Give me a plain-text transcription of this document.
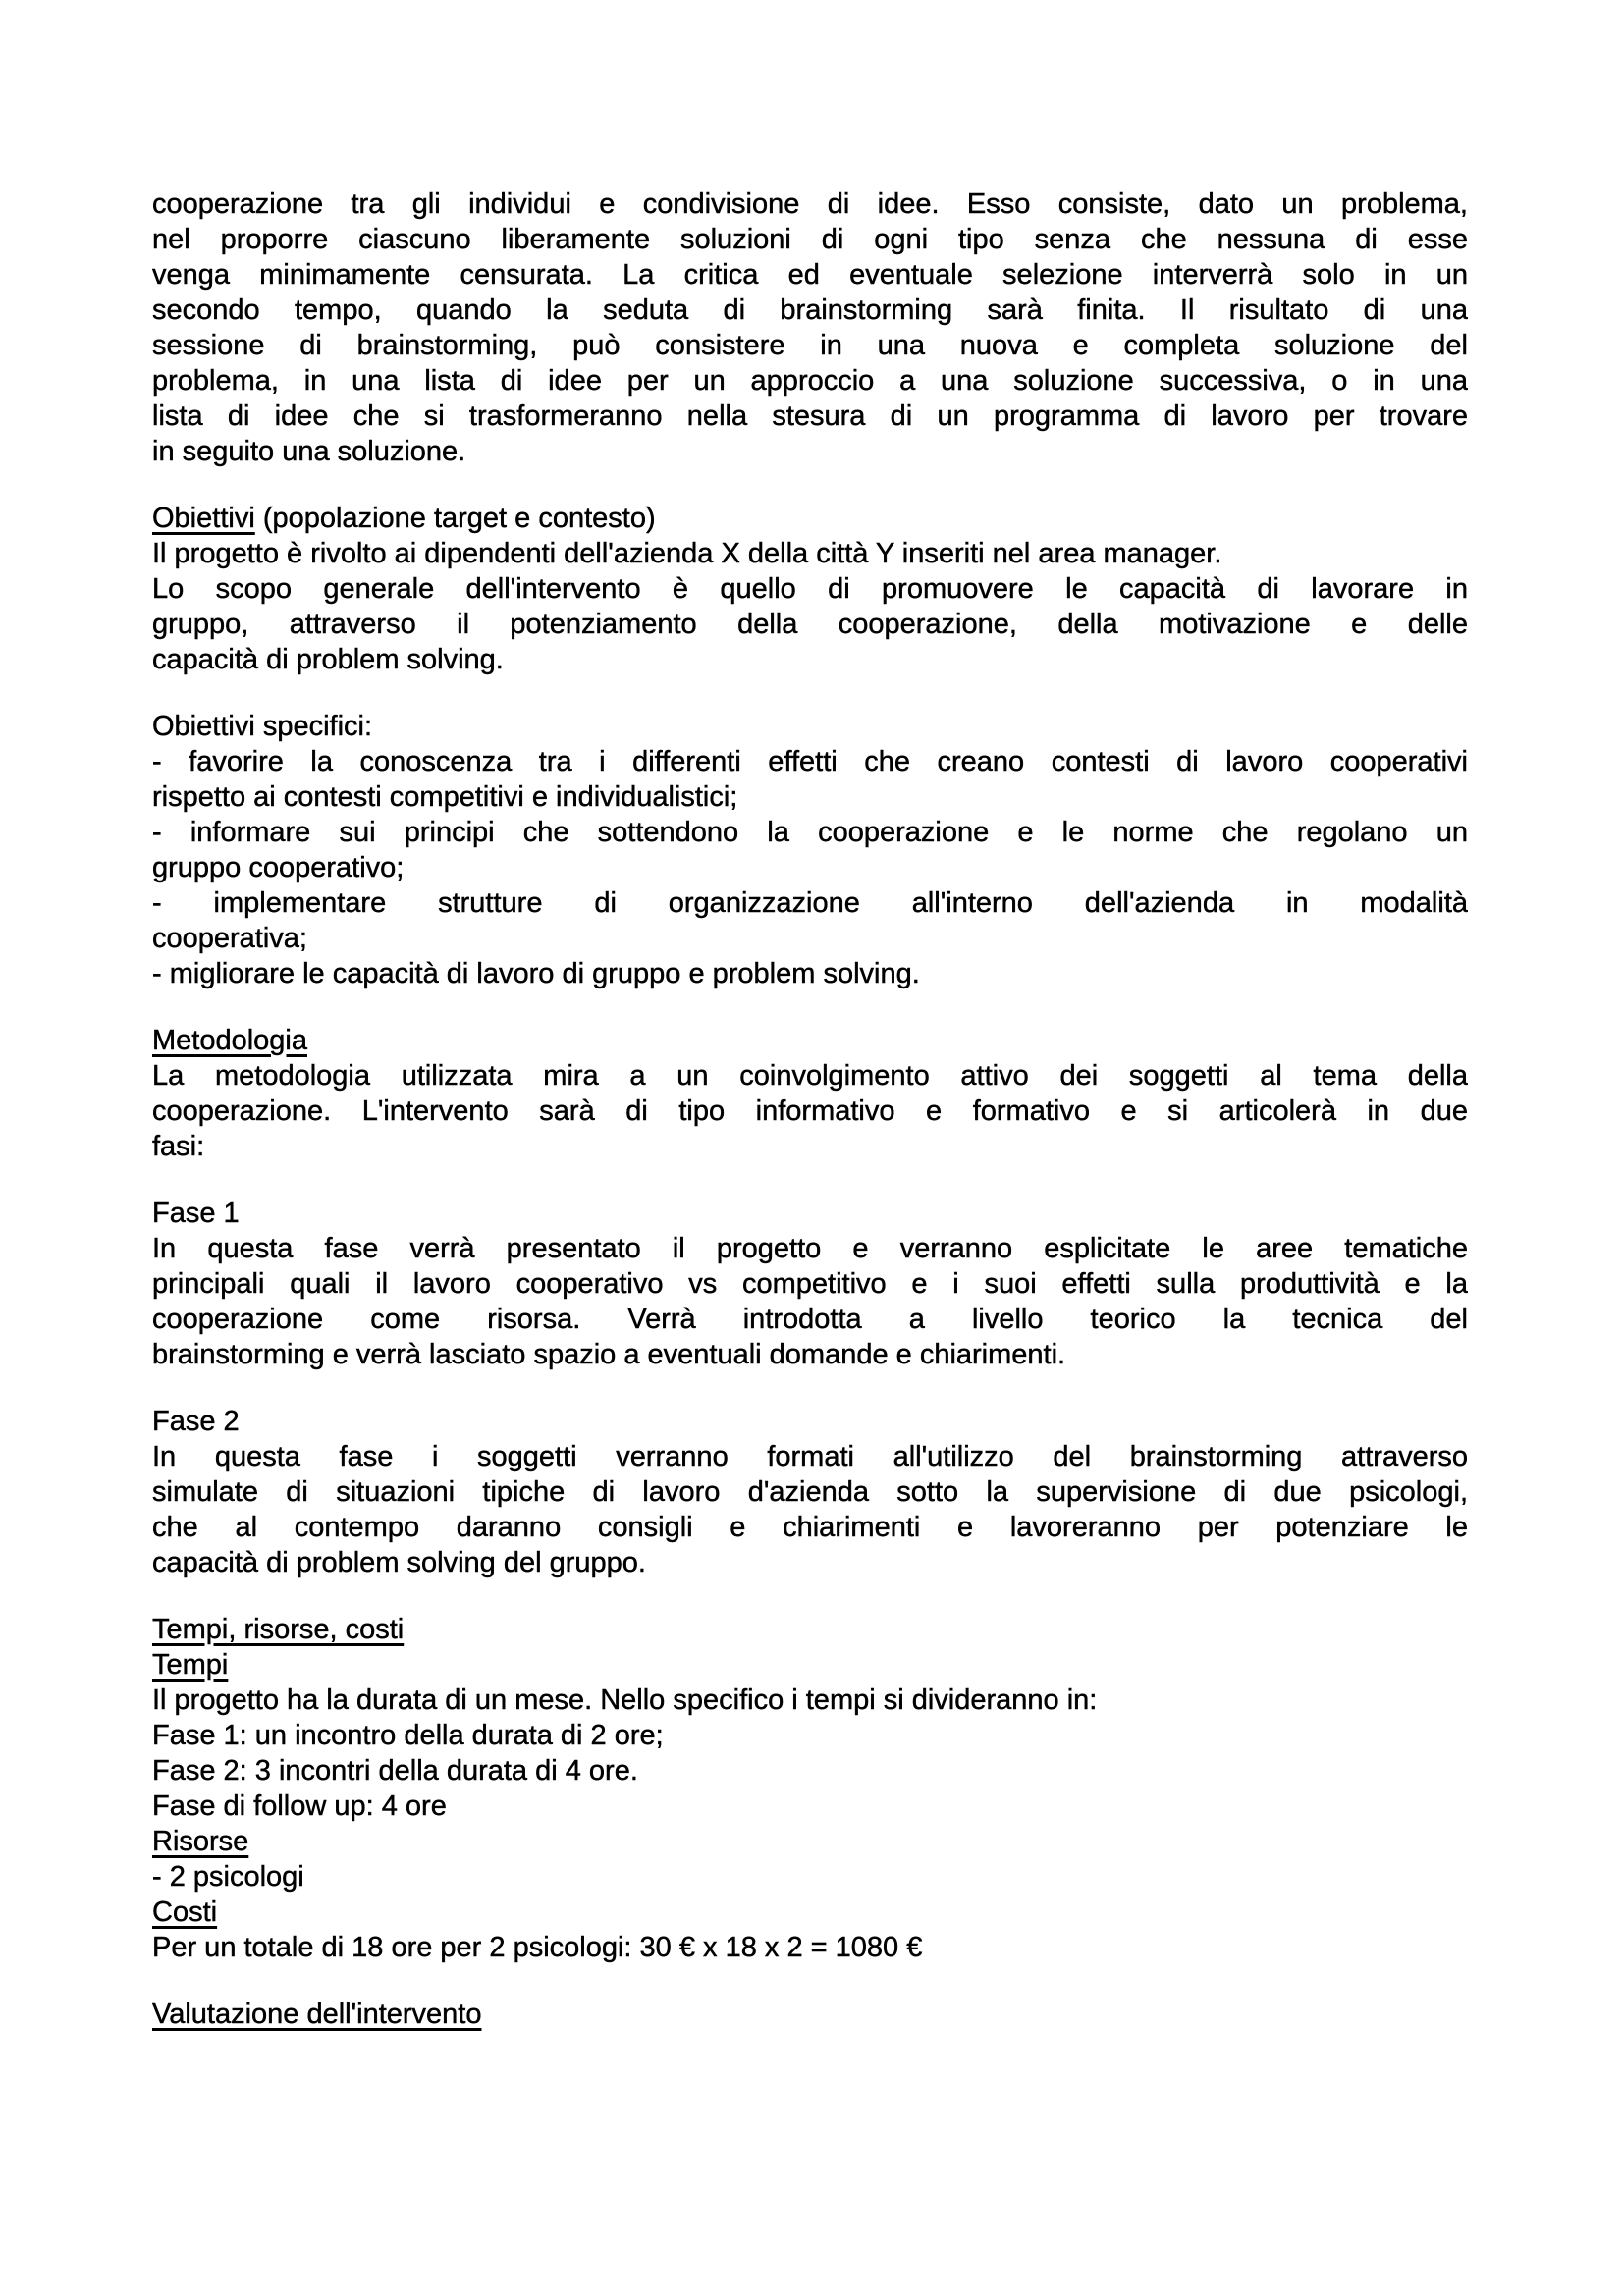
cooperazione tra gli individui e condivisione di idee. Esso consiste, dato un problema,
nel proporre ciascuno liberamente soluzioni di ogni tipo senza che nessuna di esse
venga minimamente censurata. La critica ed eventuale selezione interverrà solo in un
secondo tempo, quando la seduta di brainstorming sarà finita. Il risultato di una
sessione di brainstorming, può consistere in una nuova e completa soluzione del
problema, in una lista di idee per un approccio a una soluzione successiva, o in una
lista di idee che si trasformeranno nella stesura di un programma di lavoro per trovare
in seguito una soluzione.
Obiettivi (popolazione target e contesto)
Il progetto è rivolto ai dipendenti dell'azienda X della città Y inseriti nel area manager.
Lo scopo generale dell'intervento è quello di promuovere le capacità di lavorare in
gruppo, attraverso il potenziamento della cooperazione, della motivazione e delle
capacità di problem solving.
Obiettivi specifici:
- favorire la conoscenza tra i differenti effetti che creano contesti di lavoro cooperativi
rispetto ai contesti competitivi e individualistici;
- informare sui principi che sottendono la cooperazione e le norme che regolano un
gruppo cooperativo;
- implementare strutture di organizzazione all'interno dell'azienda in modalità
cooperativa;
- migliorare le capacità di lavoro di gruppo e problem solving.
Metodologia
La metodologia utilizzata mira a un coinvolgimento attivo dei soggetti al tema della
cooperazione. L'intervento sarà di tipo informativo e formativo e si articolerà in due
fasi:
Fase 1
In questa fase verrà presentato il progetto e verranno esplicitate le aree tematiche
principali quali il lavoro cooperativo vs competitivo e i suoi effetti sulla produttività e la
cooperazione come risorsa. Verrà introdotta a livello teorico la tecnica del
brainstorming e verrà lasciato spazio a eventuali domande e chiarimenti.
Fase 2
In questa fase i soggetti verranno formati all'utilizzo del brainstorming attraverso
simulate di situazioni tipiche di lavoro d'azienda sotto la supervisione di due psicologi,
che al contempo daranno consigli e chiarimenti e lavoreranno per potenziare le
capacità di problem solving del gruppo.
Tempi, risorse, costi
Tempi
Il progetto ha la durata di un mese. Nello specifico i tempi si divideranno in:
Fase 1: un incontro della durata di 2 ore;
Fase 2: 3 incontri della durata di 4 ore.
Fase di follow up: 4 ore
Risorse
- 2 psicologi
Costi
Per un totale di 18 ore per 2 psicologi: 30 € x 18 x 2 = 1080 €
Valutazione dell'intervento
